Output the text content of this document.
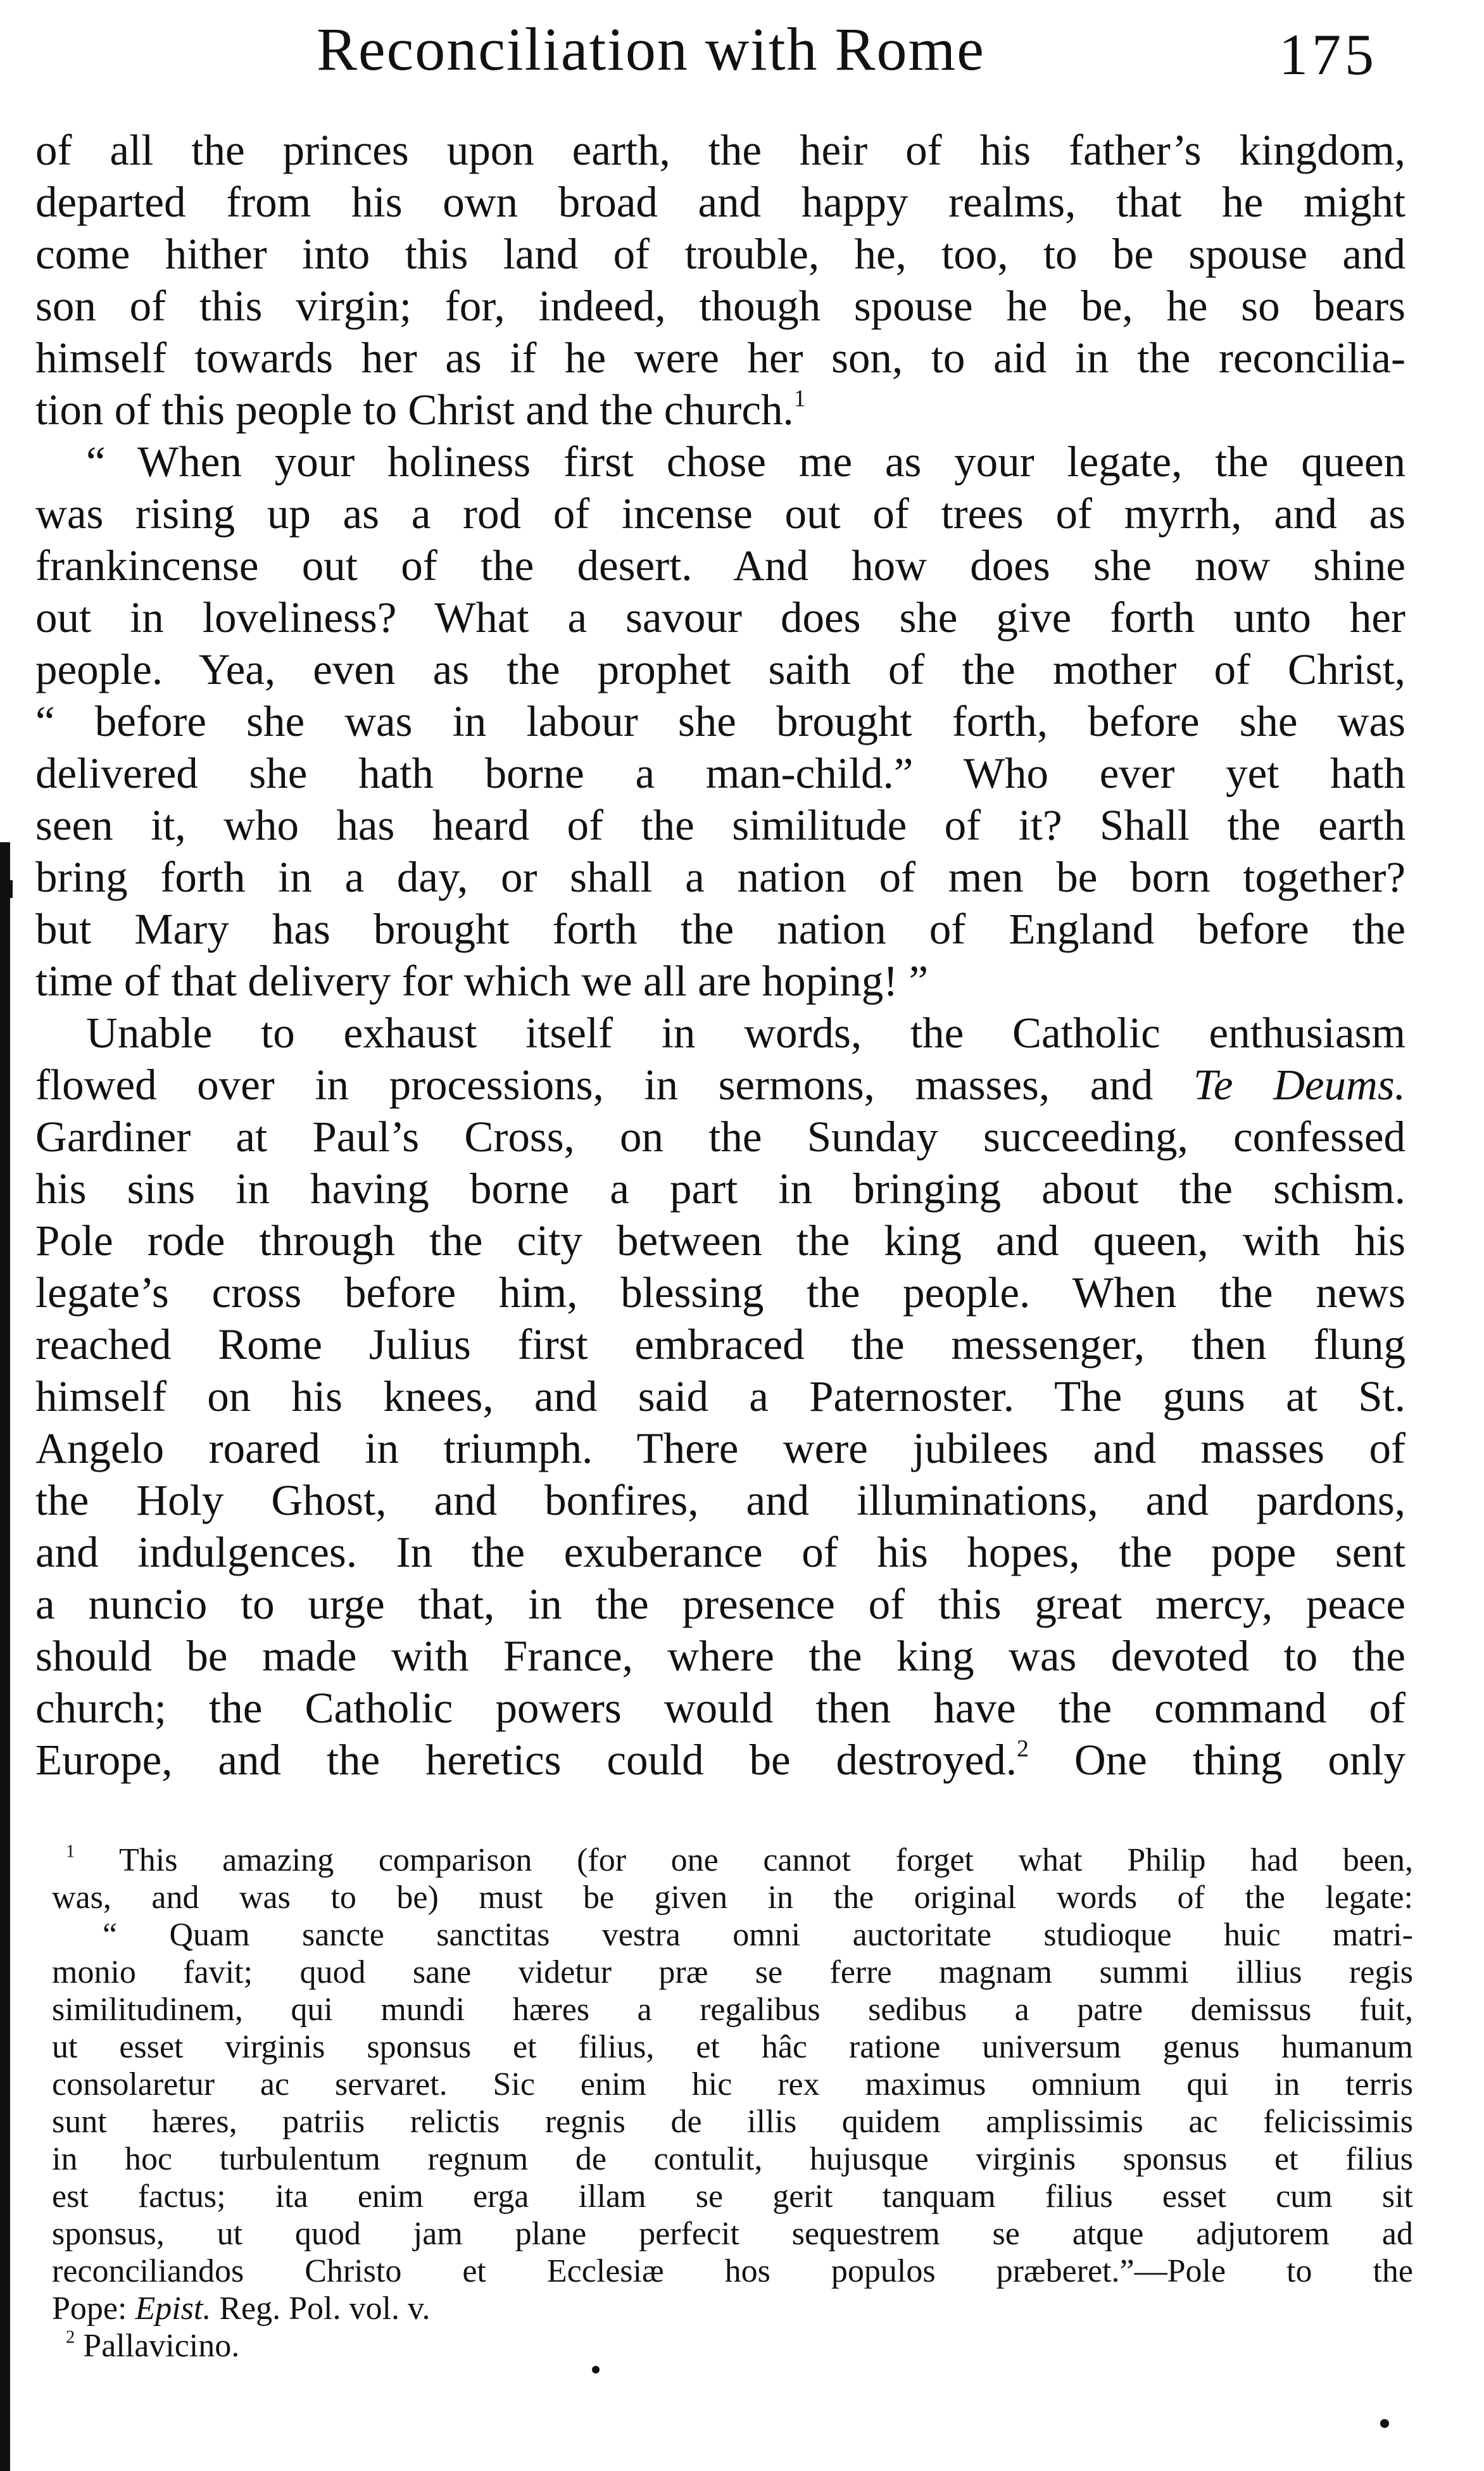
Reconciliation with Rome	175
of all the princes upon earth, the heir of his father’s kingdom,
departed from his own broad and happy realms, that he might
come hither into this land of trouble, he, too, to be spouse and
son of this virgin; for, indeed, though spouse he be, he so bears
himself towards her as if he were her son, to aid in the reconcilia-
tion of this people to Christ and the church.$^1$
“ When your holiness first chose me as your legate, the queen
was rising up as a rod of incense out of trees of myrrh, and as
frankincense out of the desert. And how does she now shine
out in loveliness? What a savour does she give forth unto her
people. Yea, even as the prophet saith of the mother of Christ,
“ before she was in labour she brought forth, before she was
delivered she hath borne a man-child.” Who ever yet hath
seen it, who has heard of the similitude of it? Shall the earth
bring forth in a day, or shall a nation of men be born together?
but Mary has brought forth the nation of England before the
time of that delivery for which we all are hoping! ”
Unable to exhaust itself in words, the Catholic enthusiasm
flowed over in processions, in sermons, masses, and Te Deums.
Gardiner at Paul’s Cross, on the Sunday succeeding, confessed
his sins in having borne a part in bringing about the schism.
Pole rode through the city between the king and queen, with his
legate’s cross before him, blessing the people. When the news
reached Rome Julius first embraced the messenger, then flung
himself on his knees, and said a Paternoster. The guns at St.
Angelo roared in triumph. There were jubilees and masses of
the Holy Ghost, and bonfires, and illuminations, and pardons,
and indulgences. In the exuberance of his hopes, the pope sent
a nuncio to urge that, in the presence of this great mercy, peace
should be made with France, where the king was devoted to the
church; the Catholic powers would then have the command of
Europe, and the heretics could be destroyed.$^2$ One thing only
$^1$ This amazing comparison (for one cannot forget what Philip had been,
was, and was to be) must be given in the original words of the legate:
“ Quam sancte sanctitas vestra omni auctoritate studioque huic matri-
monio favit; quod sane videtur præ se ferre magnam summi illius regis
similitudinem, qui mundi hæres a regalibus sedibus a patre demissus fuit,
ut esset virginis sponsus et filius, et hâc ratione universum genus humanum
consolaretur ac servaret. Sic enim hic rex maximus omnium qui in terris
sunt hæres, patriis relictis regnis de illis quidem amplissimis ac felicissimis
in hoc turbulentum regnum de contulit, hujusque virginis sponsus et filius
est factus; ita enim erga illam se gerit tanquam filius esset cum sit
sponsus, ut quod jam plane perfecit sequestrem se atque adjutorem ad
reconciliandos Christo et Ecclesiæ hos populos præberet.”—Pole to the
Pope: Epist. Reg. Pol. vol. v.
$^2$ Pallavicino.
